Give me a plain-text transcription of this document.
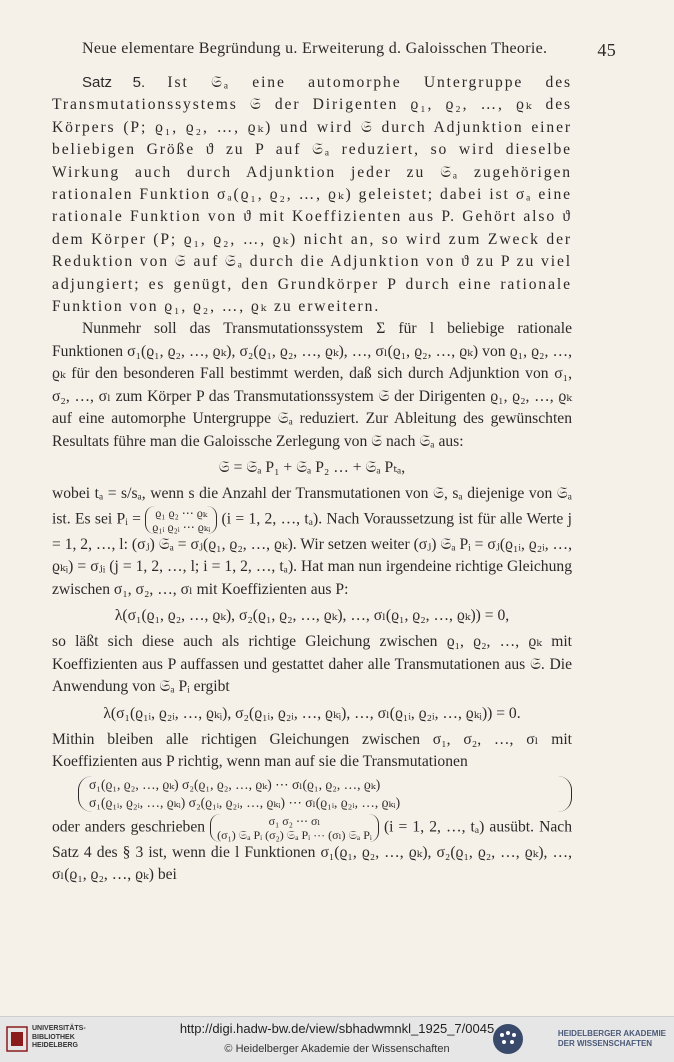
Neue elementare Begründung u. Erweiterung d. Galoisschen Theorie.	45

Satz 5. Ist 𝔖ₐ eine automorphe Untergruppe des Transmutationssystems 𝔖 der Dirigenten ϱ₁, ϱ₂, …, ϱₖ des Körpers (P; ϱ₁, ϱ₂, …, ϱₖ) und wird 𝔖 durch Adjunktion einer beliebigen Größe ϑ zu P auf 𝔖ₐ reduziert, so wird dieselbe Wirkung auch durch Adjunktion jeder zu 𝔖ₐ zugehörigen rationalen Funktion σₐ(ϱ₁, ϱ₂, …, ϱₖ) geleistet; dabei ist σₐ eine rationale Funktion von ϑ mit Koeffizienten aus P. Gehört also ϑ dem Körper (P; ϱ₁, ϱ₂, …, ϱₖ) nicht an, so wird zum Zweck der Reduktion von 𝔖 auf 𝔖ₐ durch die Adjunktion von ϑ zu P zu viel adjungiert; es genügt, den Grundkörper P durch eine rationale Funktion von ϱ₁, ϱ₂, …, ϱₖ zu erweitern.

Nunmehr soll das Transmutationssystem Σ für l beliebige rationale Funktionen σ₁(ϱ₁, ϱ₂, …, ϱₖ), σ₂(ϱ₁, ϱ₂, …, ϱₖ), …, σₗ(ϱ₁, ϱ₂, …, ϱₖ) von ϱ₁, ϱ₂, …, ϱₖ für den besonderen Fall bestimmt werden, daß sich durch Adjunktion von σ₁, σ₂, …, σₗ zum Körper P das Transmutationssystem 𝔖 der Dirigenten ϱ₁, ϱ₂, …, ϱₖ auf eine automorphe Untergruppe 𝔖ₐ reduziert. Zur Ableitung des gewünschten Resultats führe man die Galoissche Zerlegung von 𝔖 nach 𝔖ₐ aus:

𝔖 = 𝔖ₐ P₁ + 𝔖ₐ P₂ … + 𝔖ₐ Pₜₐ,

wobei tₐ = s/sₐ, wenn s die Anzahl der Transmutationen von 𝔖, sₐ diejenige von 𝔖ₐ ist. Es sei Pᵢ = ϱ₁ ϱ₂ ⋯ ϱₖ
ϱ₁ᵢ ϱ₂ᵢ ⋯ ϱₖᵢ (i = 1, 2, …, tₐ). Nach Voraussetzung ist für alle Werte j = 1, 2, …, l: (σⱼ) 𝔖ₐ = σⱼ(ϱ₁, ϱ₂, …, ϱₖ). Wir setzen weiter (σⱼ) 𝔖ₐ Pᵢ = σⱼ(ϱ₁ᵢ, ϱ₂ᵢ, …, ϱₖᵢ) = σⱼᵢ (j = 1, 2, …, l; i = 1, 2, …, tₐ). Hat man nun irgendeine richtige Gleichung zwischen σ₁, σ₂, …, σₗ mit Koeffizienten aus P:

λ(σ₁(ϱ₁, ϱ₂, …, ϱₖ), σ₂(ϱ₁, ϱ₂, …, ϱₖ), …, σₗ(ϱ₁, ϱ₂, …, ϱₖ)) = 0,

so läßt sich diese auch als richtige Gleichung zwischen ϱ₁, ϱ₂, …, ϱₖ mit Koeffizienten aus P auffassen und gestattet daher alle Transmutationen aus 𝔖. Die Anwendung von 𝔖ₐ Pᵢ ergibt

λ(σ₁(ϱ₁ᵢ, ϱ₂ᵢ, …, ϱₖᵢ), σ₂(ϱ₁ᵢ, ϱ₂ᵢ, …, ϱₖᵢ), …, σₗ(ϱ₁ᵢ, ϱ₂ᵢ, …, ϱₖᵢ)) = 0.

Mithin bleiben alle richtigen Gleichungen zwischen σ₁, σ₂, …, σₗ mit Koeffizienten aus P richtig, wenn man auf sie die Transmutationen

σ₁(ϱ₁, ϱ₂, …, ϱₖ) σ₂(ϱ₁, ϱ₂, …, ϱₖ) ⋯ σₗ(ϱ₁, ϱ₂, …, ϱₖ)
σ₁(ϱ₁ᵢ, ϱ₂ᵢ, …, ϱₖᵢ) σ₂(ϱ₁ᵢ, ϱ₂ᵢ, …, ϱₖᵢ) ⋯ σₗ(ϱ₁ᵢ, ϱ₂ᵢ, …, ϱₖᵢ)

oder anders geschrieben	σ₁ σ₂ ⋯ σₗ
(σ₁) 𝔖ₐ Pᵢ (σ₂) 𝔖ₐ Pᵢ ⋯ (σₗ) 𝔖ₐ Pᵢ (i = 1, 2, …, tₐ) ausübt. Nach Satz 4 des § 3 ist, wenn die l Funktionen σ₁(ϱ₁, ϱ₂, …, ϱₖ), σ₂(ϱ₁, ϱ₂, …, ϱₖ), …, σₗ(ϱ₁, ϱ₂, …, ϱₖ) bei

UNIVERSITÄTS-
BIBLIOTHEK
HEIDELBERG
http://digi.hadw-bw.de/view/sbhadwmnkl_1925_7/0045
© Heidelberger Akademie der Wissenschaften
HEIDELBERGER AKADEMIE
DER WISSENSCHAFTEN
